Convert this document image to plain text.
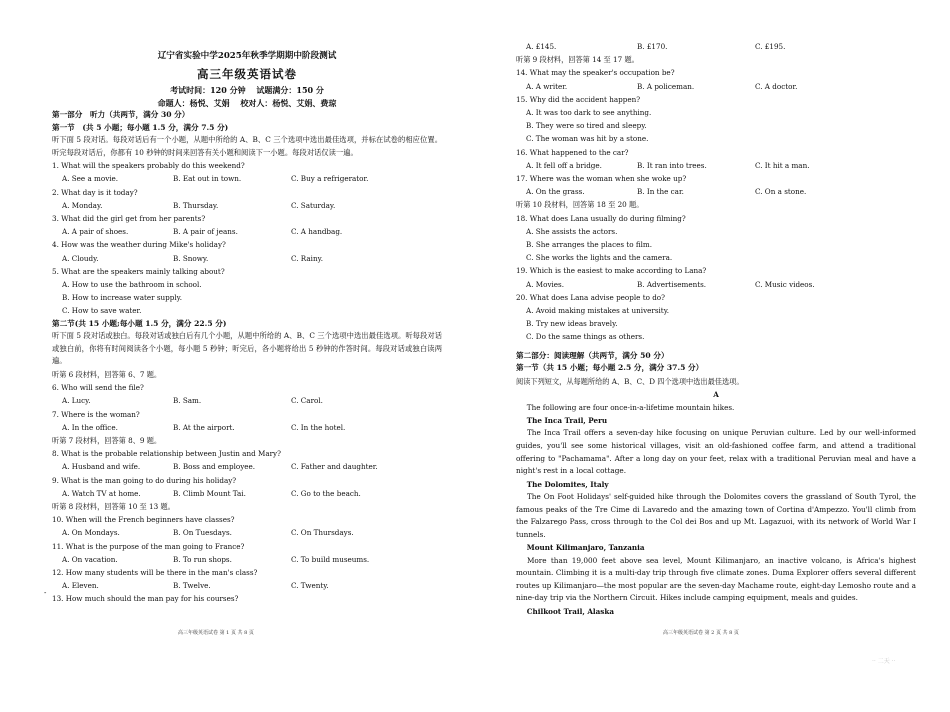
辽宁省实验中学2025年秋季学期期中阶段测试
高三年级英语试卷
考试时间：120 分钟　 试题满分：150 分
命题人：杨悦、艾娟　 校对人：杨悦、艾娟、费琼
第一部分　听力（共两节，满分 30 分）
第一节　(共 5 小题；每小题 1.5 分，满分 7.5 分)
听下面 5 段对话。每段对话后有一个小题，从题中所给的 A、B、C 三个选项中选出最佳选项，并标在试卷的相应位置。听完每段对话后，你都有 10 秒钟的时间来回答有关小题和阅读下一小题。每段对话仅读一遍。
1. What will the speakers probably do this weekend?
A. See a movie.	B. Eat out in town.	C. Buy a refrigerator.
2. What day is it today?
A. Monday.	B. Thursday.	C. Saturday.
3. What did the girl get from her parents?
A. A pair of shoes.	B. A pair of jeans.	C. A handbag.
4. How was the weather during Mike's holiday?
A. Cloudy.	B. Snowy.	C. Rainy.
5. What are the speakers mainly talking about?
A. How to use the bathroom in school.
B. How to increase water supply.
C. How to save water.
第二节(共 15 小题;每小题 1.5 分，满分 22.5 分)
听下面 5 段对话或独白。每段对话或独白后有几个小题，从题中所给的 A、B、C 三个选项中选出最佳选项。听每段对话或独白前，你将有时间阅读各个小题，每小题 5 秒钟；听完后，各小题将给出 5 秒钟的作答时间。每段对话或独白读两遍。
听第 6 段材料，回答第 6、7 题。
6. Who will send the file?
A. Lucy.	B. Sam.	C. Carol.
7. Where is the woman?
A. In the office.	B. At the airport.	C. In the hotel.
听第 7 段材料，回答第 8、9 题。
8. What is the probable relationship between Justin and Mary?
A. Husband and wife.	B. Boss and employee.	C. Father and daughter.
9. What is the man going to do during his holiday?
A. Watch TV at home.	B. Climb Mount Tai.	C. Go to the beach.
听第 8 段材料，回答第 10 至 13 题。
10. When will the French beginners have classes?
A. On Mondays.	B. On Tuesdays.	C. On Thursdays.
11. What is the purpose of the man going to France?
A. On vacation.	B. To run shops.	C. To build museums.
12. How many students will be there in the man's class?
A. Eleven.	B. Twelve.	C. Twenty.
13. How much should the man pay for his courses?
-
高三年级英语试卷 第 1 页 共 8 页
A. £145.	B. £170.	C. £195.
听第 9 段材料，回答第 14 至 17 题。
14. What may the speaker's occupation be?
A. A writer.	B. A policeman.	C. A doctor.
15. Why did the accident happen?
A. It was too dark to see anything.
B. They were so tired and sleepy.
C. The woman was hit by a stone.
16. What happened to the car?
A. It fell off a bridge.	B. It ran into trees.	C. It hit a man.
17. Where was the woman when she woke up?
A. On the grass.	B. In the car.	C. On a stone.
听第 10 段材料，回答第 18 至 20 题。
18. What does Lana usually do during filming?
A. She assists the actors.
B. She arranges the places to film.
C. She works the lights and the camera.
19. Which is the easiest to make according to Lana?
A. Movies.	B. Advertisements.	C. Music videos.
20. What does Lana advise people to do?
A. Avoid making mistakes at university.
B. Try new ideas bravely.
C. Do the same things as others.
第二部分：阅读理解（共两节，满分 50 分）
第一节（共 15 小题；每小题 2.5 分，满分 37.5 分）
阅读下列短文，从每题所给的 A、B、C、D 四个选项中选出最佳选项。
A
The following are four once-in-a-lifetime mountain hikes.
The Inca Trail, Peru
The Inca Trail offers a seven-day hike focusing on unique Peruvian culture. Led by our well-informed guides, you'll see some historical villages, visit an old-fashioned coffee farm, and attend a traditional offering to "Pachamama". After a long day on your feet, relax with a traditional Peruvian meal and have a night's rest in a local cottage.
The Dolomites, Italy
The On Foot Holidays' self-guided hike through the Dolomites covers the grassland of South Tyrol, the famous peaks of the Tre Cime di Lavaredo and the amazing town of Cortina d'Ampezzo. You'll climb from the Falzarego Pass, cross through to the Col dei Bos and up Mt. Lagazuoi, with its network of World War I tunnels.
Mount Kilimanjaro, Tanzania
More than 19,000 feet above sea level, Mount Kilimanjaro, an inactive volcano, is Africa's highest mountain. Climbing it is a multi-day trip through five climate zones. Duma Explorer offers several different routes up Kilimanjaro—the most popular are the seven-day Machame route, eight-day Lemosho route and a nine-day trip via the Northern Circuit. Hikes include camping equipment, meals and guides.
Chilkoot Trail, Alaska
高三年级英语试卷 第 2 页 共 8 页
·· 二天 ··
